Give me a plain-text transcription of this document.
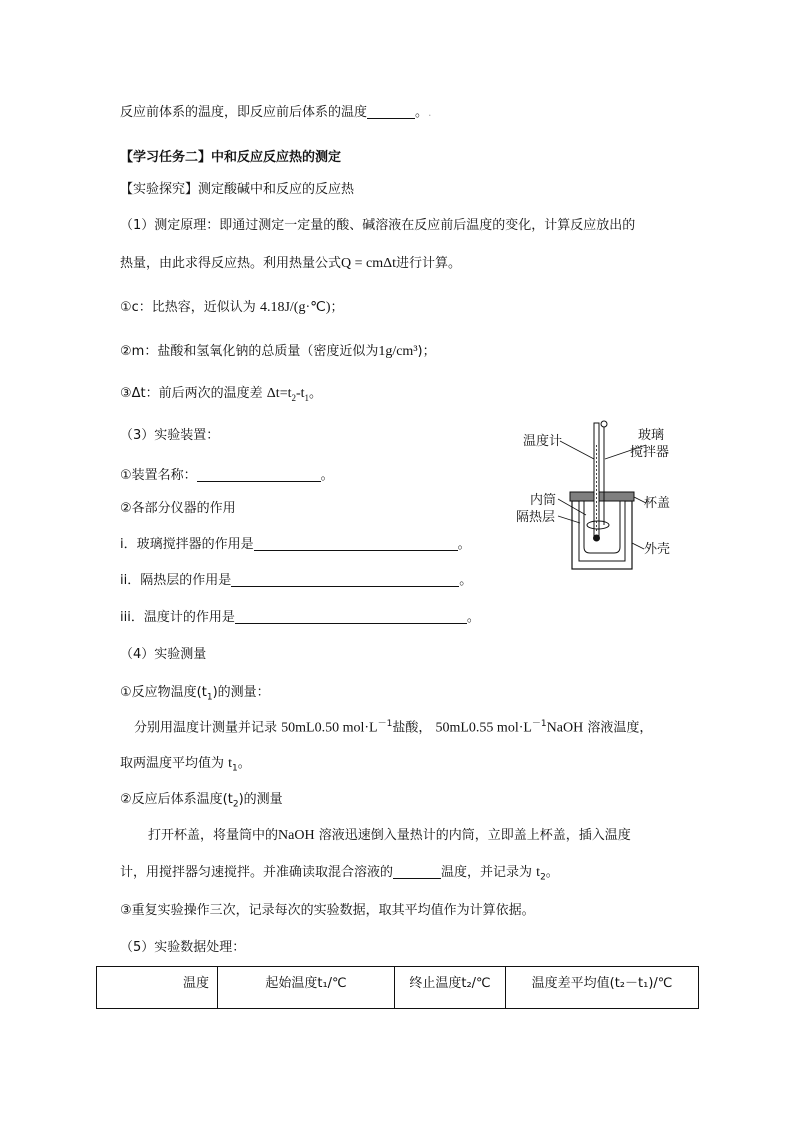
反应前体系的温度，即反应前后体系的温度	。.
【学习任务二】中和反应反应热的测定
【实验探究】测定酸碱中和反应的反应热
（1）测定原理：即通过测定一定量的酸、碱溶液在反应前后温度的变化，计算反应放出的
热量，由此求得反应热。利用热量公式Q = cmΔt进行计算。
①c：比热容，近似认为 4.18J/(g·℃)；
②m：盐酸和氢氧化钠的总质量（密度近似为1g/cm³)；
③Δt：前后两次的温度差 $\Delta t=t_2-t_1$。
（3）实验装置：
①装置名称：	。
②各部分仪器的作用
i．玻璃搅拌器的作用是	。
ii．隔热层的作用是	。
iii．温度计的作用是	。
（4）实验测量
①反应物温度$(t_1)$的测量：
分别用温度计测量并记录 50mL0.50 $mol\cdot L^{-1}$盐酸， 50mL0.55 $mol\cdot L^{-1}NaOH$ 溶液温度，
取两温度平均值为 $t_1$。
②反应后体系温度$(t_2)$的测量
打开杯盖，将量筒中的NaOH 溶液迅速倒入量热计的内筒，立即盖上杯盖，插入温度
计，用搅拌器匀速搅拌。并准确读取混合溶液的	温度，并记录为 $t_2$。
③重复实验操作三次，记录每次的实验数据，取其平均值作为计算依据。
（5）实验数据处理：
温度	起始温度t₁/℃	终止温度t₂/℃	温度差平均值(t₂－t₁)/℃
温度计	玻璃
搅拌器
内筒
隔热层
杯盖
外壳
